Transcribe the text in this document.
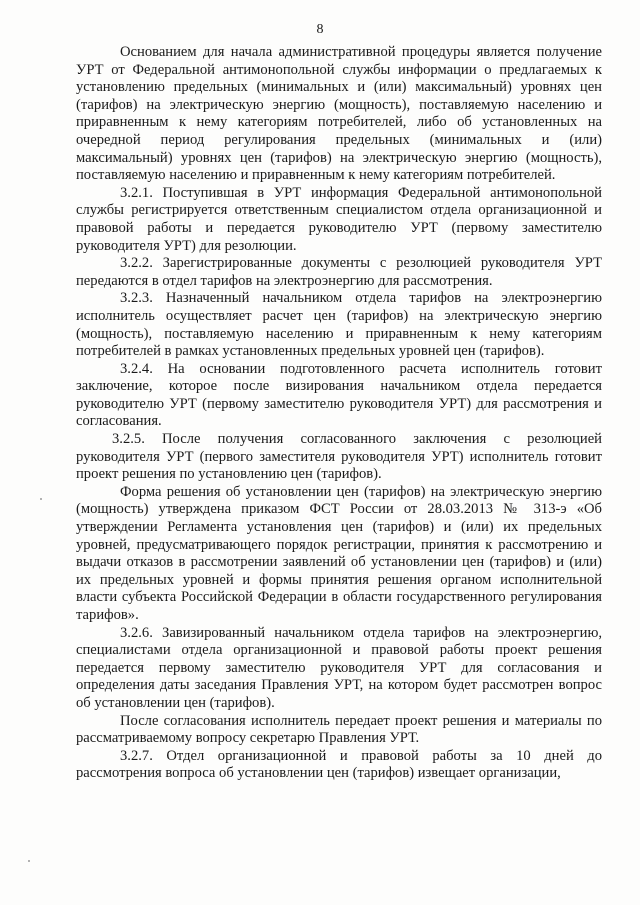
8

Основанием для начала административной процедуры является получение УРТ от Федеральной антимонопольной службы информации о предлагаемых к установлению предельных (минимальных и (или) максимальный) уровнях цен (тарифов) на электрическую энергию (мощность), поставляемую населению и приравненным к нему категориям потребителей, либо об установленных на очередной период регулирования предельных (минимальных и (или) максимальный) уровнях цен (тарифов) на электрическую энергию (мощность), поставляемую населению и приравненным к нему категориям потребителей.

3.2.1. Поступившая в УРТ информация Федеральной антимонопольной службы регистрируется ответственным специалистом отдела организационной и правовой работы и передается руководителю УРТ (первому заместителю руководителя УРТ) для резолюции.

3.2.2. Зарегистрированные документы с резолюцией руководителя УРТ передаются в отдел тарифов на электроэнергию для рассмотрения.

3.2.3. Назначенный начальником отдела тарифов на электроэнергию исполнитель осуществляет расчет цен (тарифов) на электрическую энергию (мощность), поставляемую населению и приравненным к нему категориям потребителей в рамках установленных предельных уровней цен (тарифов).

3.2.4. На основании подготовленного расчета исполнитель готовит заключение, которое после визирования начальником отдела передается руководителю УРТ (первому заместителю руководителя УРТ) для рассмотрения и согласования.

3.2.5. После получения согласованного заключения с резолюцией руководителя УРТ (первого заместителя руководителя УРТ) исполнитель готовит проект решения по установлению цен (тарифов).

Форма решения об установлении цен (тарифов) на электрическую энергию (мощность) утверждена приказом ФСТ России от 28.03.2013 № 313-э «Об утверждении Регламента установления цен (тарифов) и (или) их предельных уровней, предусматривающего порядок регистрации, принятия к рассмотрению и выдачи отказов в рассмотрении заявлений об установлении цен (тарифов) и (или) их предельных уровней и формы принятия решения органом исполнительной власти субъекта Российской Федерации в области государственного регулирования тарифов».

3.2.6. Завизированный начальником отдела тарифов на электроэнергию, специалистами отдела организационной и правовой работы проект решения передается первому заместителю руководителя УРТ для согласования и определения даты заседания Правления УРТ, на котором будет рассмотрен вопрос об установлении цен (тарифов).

После согласования исполнитель передает проект решения и материалы по рассматриваемому вопросу секретарю Правления УРТ.

3.2.7. Отдел организационной и правовой работы за 10 дней до рассмотрения вопроса об установлении цен (тарифов) извещает организации,
